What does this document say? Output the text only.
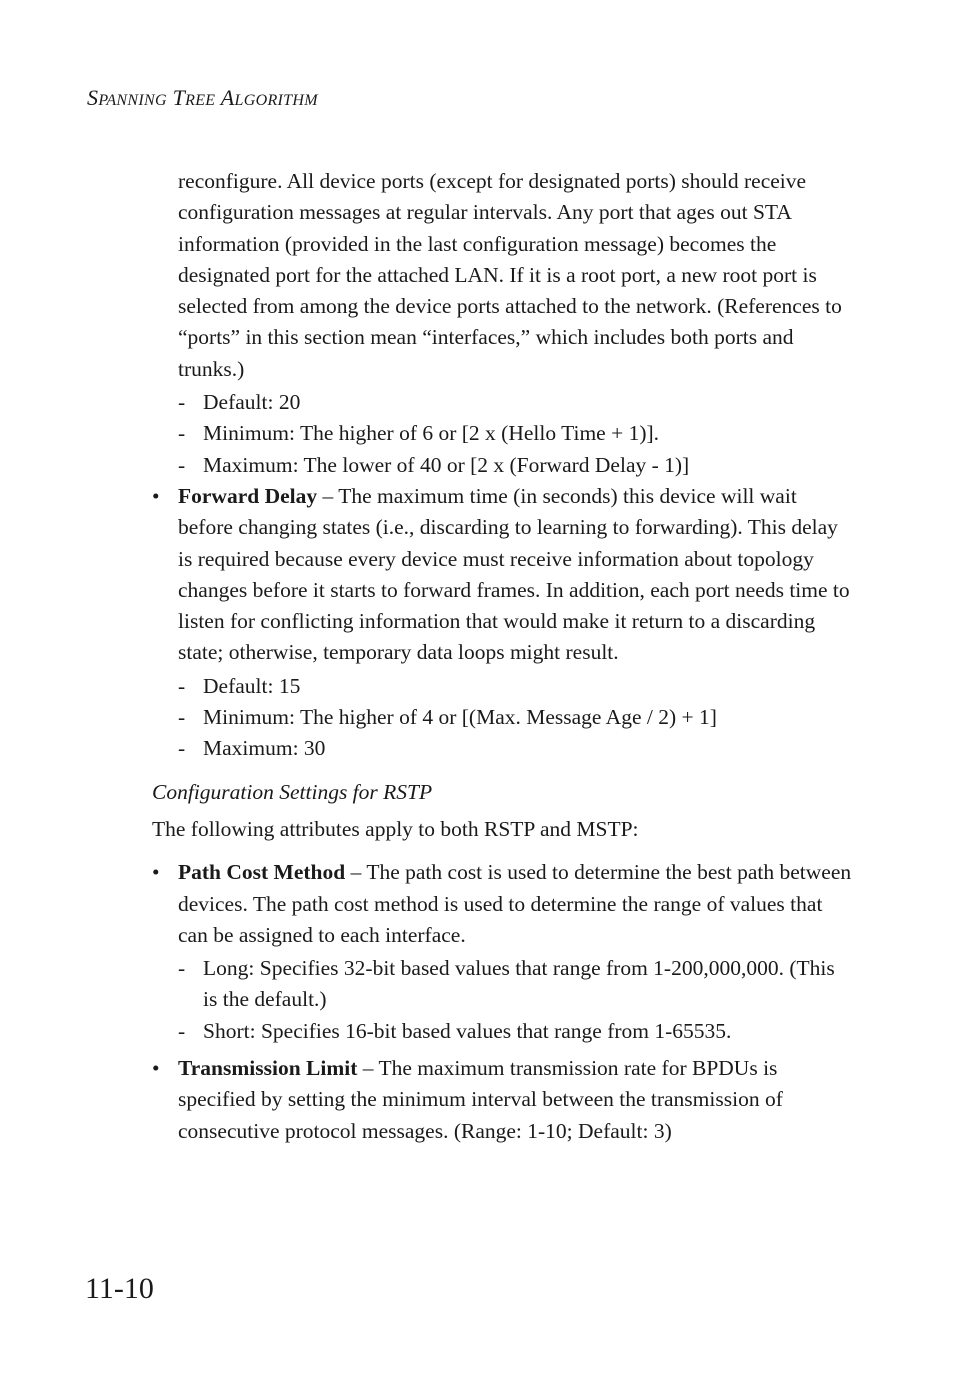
SPANNING TREE ALGORITHM

reconfigure. All device ports (except for designated ports) should receive configuration messages at regular intervals. Any port that ages out STA information (provided in the last configuration message) becomes the designated port for the attached LAN. If it is a root port, a new root port is selected from among the device ports attached to the network. (References to “ports” in this section mean “interfaces,” which includes both ports and trunks.)

- Default: 20
- Minimum: The higher of 6 or [2 x (Hello Time + 1)].
- Maximum: The lower of 40 or [2 x (Forward Delay - 1)]
• Forward Delay – The maximum time (in seconds) this device will wait before changing states (i.e., discarding to learning to forwarding). This delay is required because every device must receive information about topology changes before it starts to forward frames. In addition, each port needs time to listen for conflicting information that would make it return to a discarding state; otherwise, temporary data loops might result.
- Default: 15
- Minimum: The higher of 4 or [(Max. Message Age / 2) + 1]
- Maximum: 30

Configuration Settings for RSTP

The following attributes apply to both RSTP and MSTP:

• Path Cost Method – The path cost is used to determine the best path between devices. The path cost method is used to determine the range of values that can be assigned to each interface.
- Long: Specifies 32-bit based values that range from 1-200,000,000. (This is the default.)
- Short: Specifies 16-bit based values that range from 1-65535.
• Transmission Limit – The maximum transmission rate for BPDUs is specified by setting the minimum interval between the transmission of consecutive protocol messages. (Range: 1-10; Default: 3)
11-10
